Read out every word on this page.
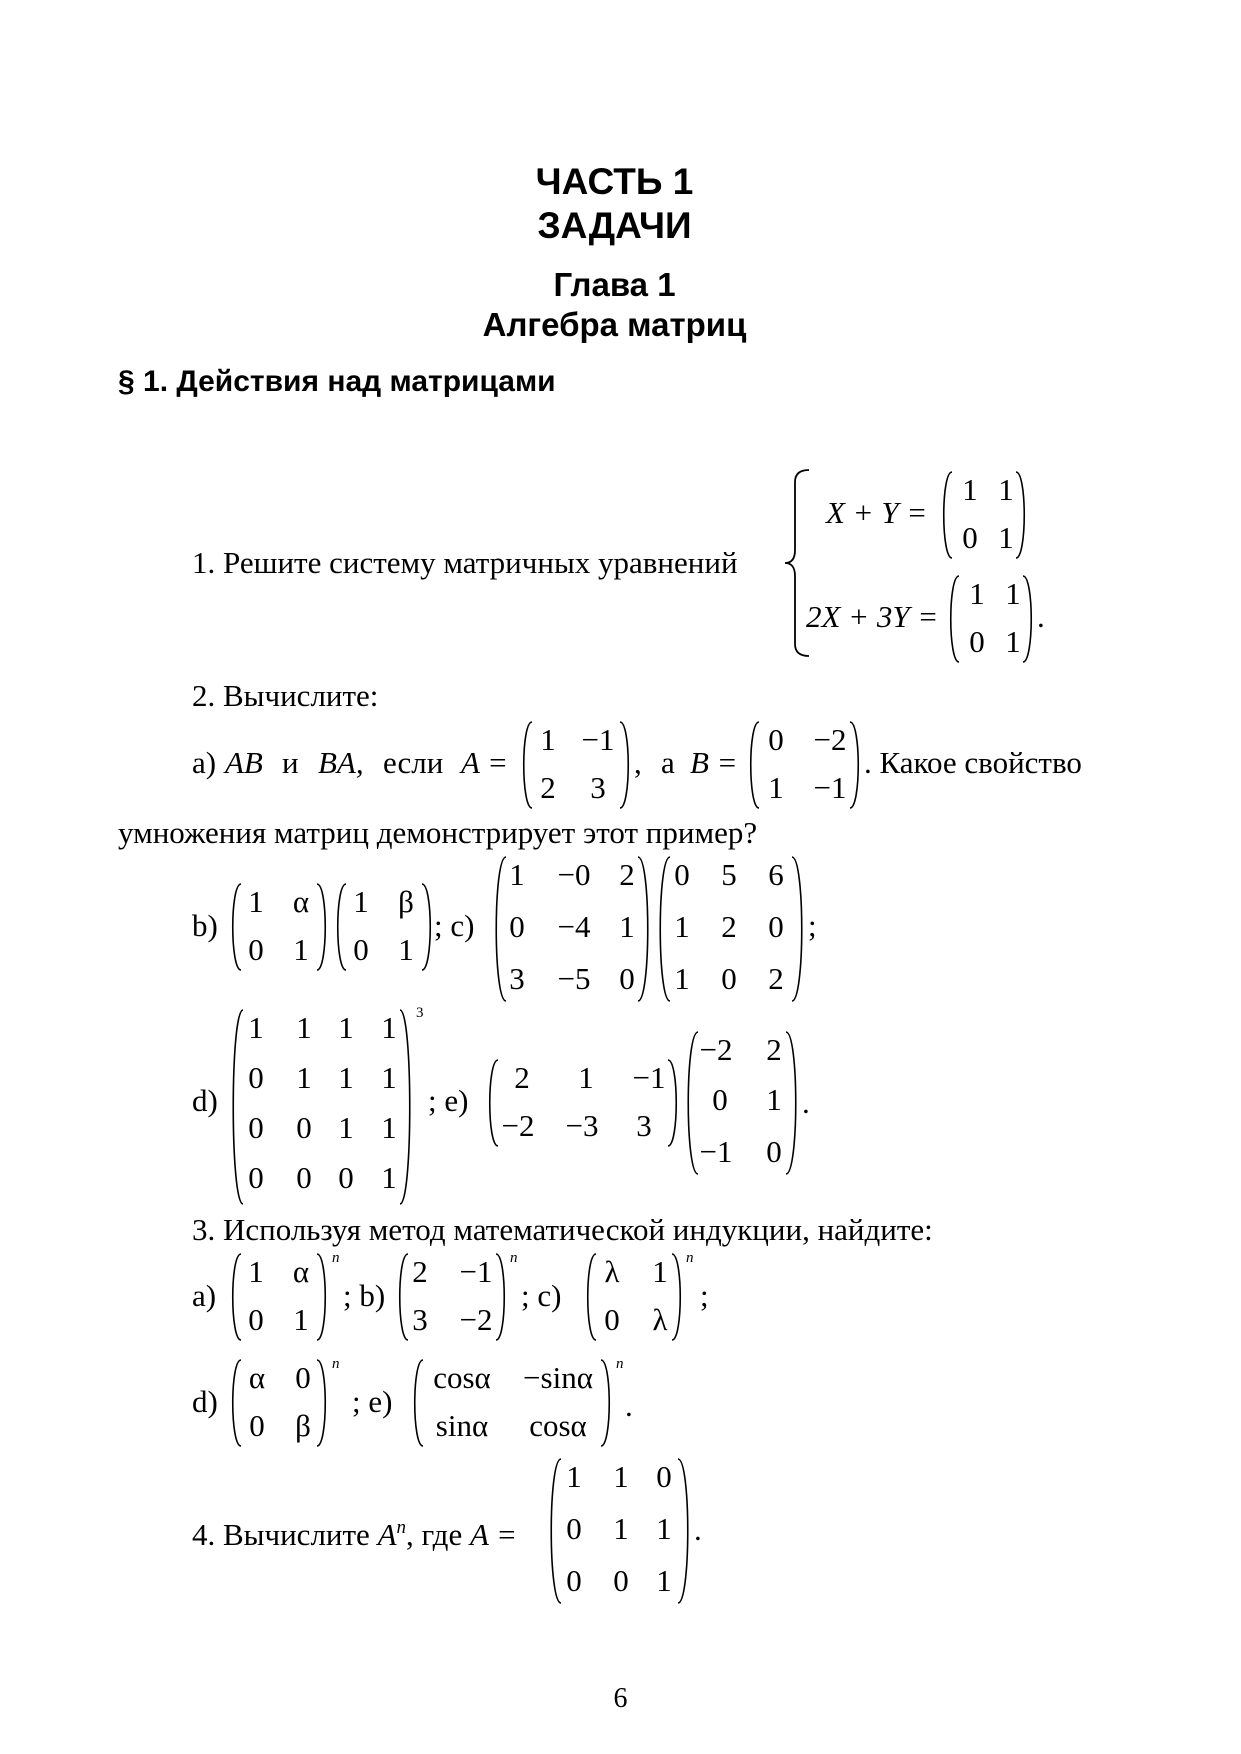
ЧАСТЬ 1
ЗАДАЧИ
Глава 1
Алгебра матриц
§ 1. Действия над матрицами
1. Решите систему матричных уравнений
X + Y =
1 1
0 1
2X + 3Y =
1 1
0 1
.
2. Вычислите:
a) AB и BA, если A =
1 −1
2 3
, а B =
0 −2
1 −1
. Какое свойство
умножения матриц демонстрирует этот пример?
b)
1 α
0 1
1 β
0 1
; c)
1 −0 2
0 −4 1
3 −5 0
0 5 6
1 2 0
1 0 2
;
d)
1 1 1 1
0 1 1 1
0 0 1 1
0 0 0 1
3
; e)
2 1 −1
−2 −3 3
−2 2
0 1
−1 0
.
3. Используя метод математической индукции, найдите:
a)
1 α
0 1
n
; b)
2 −1
3 −2
n
; c)
λ 1
0 λ
n
;
d)
α 0
0 β
n
; e)
cosα −sinα
sinα cosα
n
.
4. Вычислите $A^n$, где A =
1 1 0
0 1 1
0 0 1
.
6
